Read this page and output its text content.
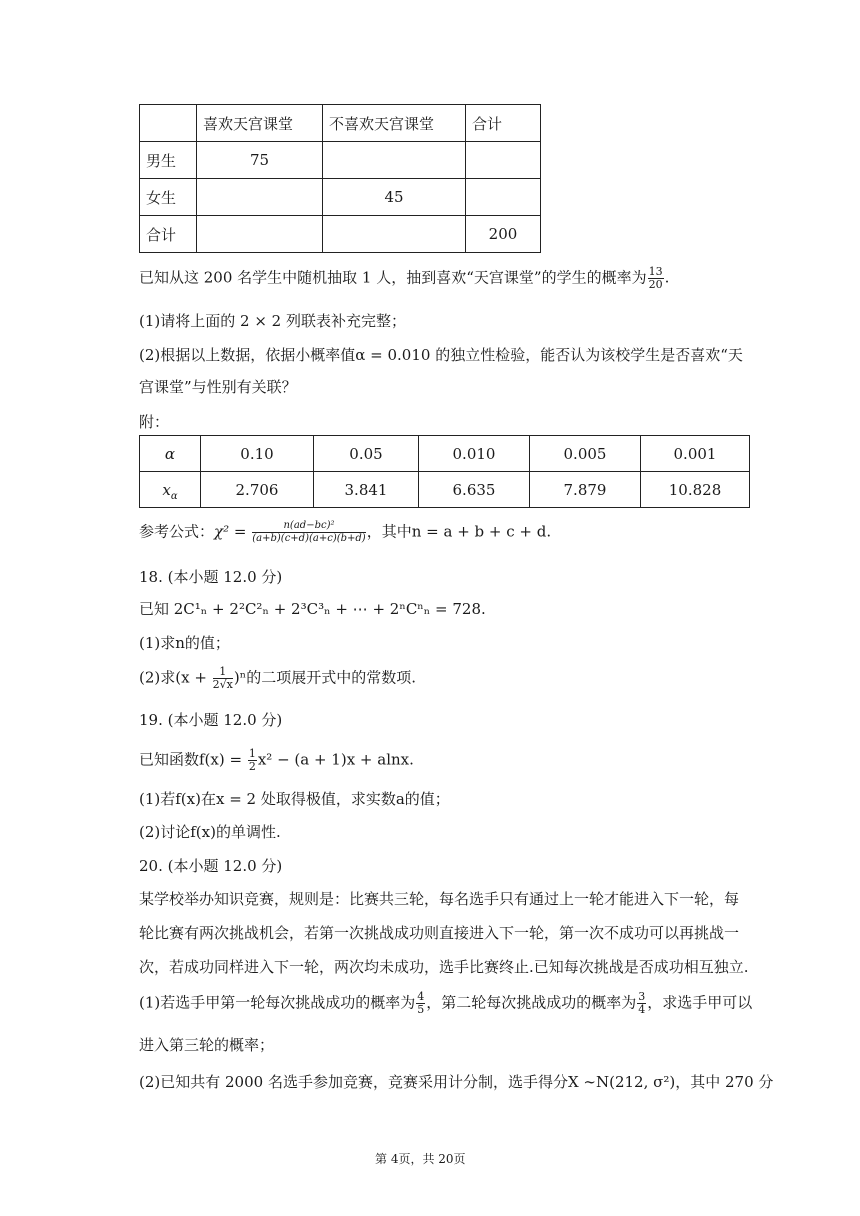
	喜欢天宫课堂	不喜欢天宫课堂	合计
男生	75		
女生		45	
合计			200
已知从这 200 名学生中随机抽取 1 人，抽到喜欢“天宫课堂”的学生的概率为 $\frac{13}{20}$ .
(1)请将上面的 2 × 2 列联表补充完整；
(2)根据以上数据，依据小概率值α = 0.010 的独立性检验，能否认为该校学生是否喜欢“天
宫课堂”与性别有关联？
附：
α	0.10	0.05	0.010	0.005	0.001
$x_\alpha$	2.706	3.841	6.635	7.879	10.828
参考公式：$\chi^2 = \frac{\text{n(ad−bc)²}}{(a+b)(c+d)(a+c)(b+d)}$ ，其中n = a + b + c + d.
18. (本小题 12.0 分)
已知 2C¹ₙ + 2²C²ₙ + 2³C³ₙ + ⋯ + 2ⁿCⁿₙ = 728.
(1)求n的值；
(2)求$(x + \frac{1}{2√x} )^n$的二项展开式中的常数项.
19. (本小题 12.0 分)
已知函数$f(x) = \frac{1}{2} x^2 - (a + 1)x + alnx$.
(1)若f(x)在x = 2 处取得极值，求实数a的值；
(2)讨论f(x)的单调性.
20. (本小题 12.0 分)
某学校举办知识竞赛，规则是：比赛共三轮，每名选手只有通过上一轮才能进入下一轮，每
轮比赛有两次挑战机会，若第一次挑战成功则直接进入下一轮，第一次不成功可以再挑战一
次，若成功同样进入下一轮，两次均未成功，选手比赛终止.已知每次挑战是否成功相互独立.
(1)若选手甲第一轮每次挑战成功的概率为 $\frac{4}{5}$ ，第二轮每次挑战成功的概率为 $\frac{3}{4}$ ，求选手甲可以
进入第三轮的概率；
(2)已知共有 2000 名选手参加竞赛，竞赛采用计分制，选手得分X ∼N(212, σ²)，其中 270 分
第 4页，共 20页
